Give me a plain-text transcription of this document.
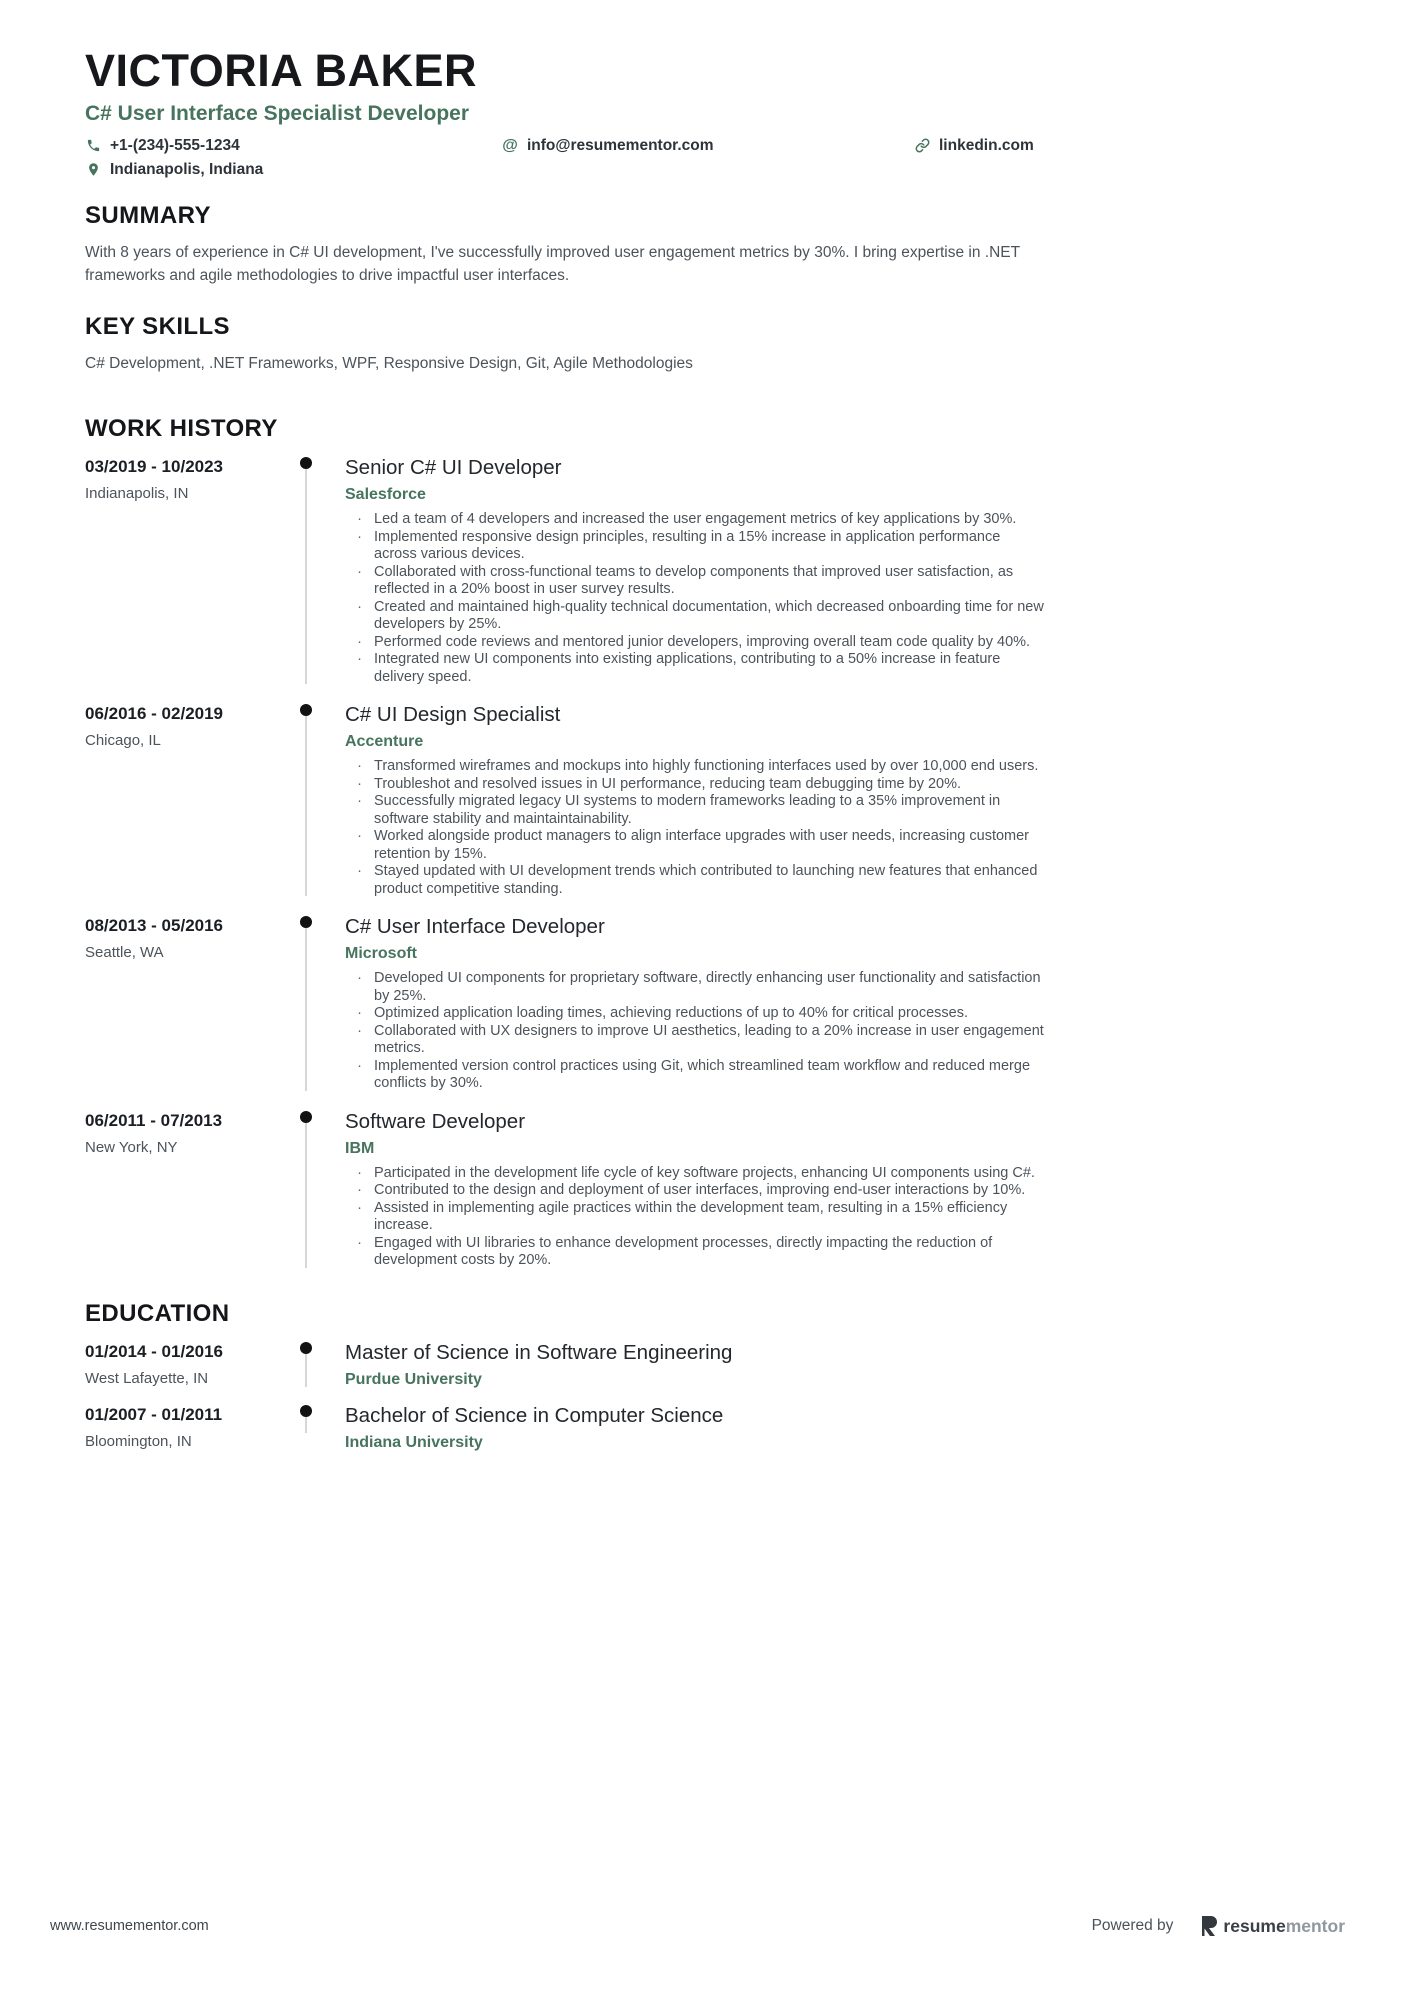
VICTORIA BAKER
C# User Interface Specialist Developer
+1-(234)-555-1234	@ info@resumementor.com	linkedin.com
Indianapolis, Indiana
SUMMARY

With 8 years of experience in C# UI development, I've successfully improved user engagement metrics by 30%. I bring expertise in .NET frameworks and agile methodologies to drive impactful user interfaces.

KEY SKILLS

C# Development, .NET Frameworks, WPF, Responsive Design, Git, Agile Methodologies

WORK HISTORY
03/2019 - 10/2023
Indianapolis, IN
Senior C# UI Developer
Salesforce
· Led a team of 4 developers and increased the user engagement metrics of key applications by 30%.
· Implemented responsive design principles, resulting in a 15% increase in application performance across various devices.
· Collaborated with cross-functional teams to develop components that improved user satisfaction, as reflected in a 20% boost in user survey results.
· Created and maintained high-quality technical documentation, which decreased onboarding time for new developers by 25%.
· Performed code reviews and mentored junior developers, improving overall team code quality by 40%.
· Integrated new UI components into existing applications, contributing to a 50% increase in feature delivery speed.
06/2016 - 02/2019
Chicago, IL
C# UI Design Specialist
Accenture
· Transformed wireframes and mockups into highly functioning interfaces used by over 10,000 end users.
· Troubleshot and resolved issues in UI performance, reducing team debugging time by 20%.
· Successfully migrated legacy UI systems to modern frameworks leading to a 35% improvement in software stability and maintaintainability.
· Worked alongside product managers to align interface upgrades with user needs, increasing customer retention by 15%.
· Stayed updated with UI development trends which contributed to launching new features that enhanced product competitive standing.
08/2013 - 05/2016
Seattle, WA
C# User Interface Developer
Microsoft
· Developed UI components for proprietary software, directly enhancing user functionality and satisfaction by 25%.
· Optimized application loading times, achieving reductions of up to 40% for critical processes.
· Collaborated with UX designers to improve UI aesthetics, leading to a 20% increase in user engagement metrics.
· Implemented version control practices using Git, which streamlined team workflow and reduced merge conflicts by 30%.
06/2011 - 07/2013
New York, NY
Software Developer
IBM
· Participated in the development life cycle of key software projects, enhancing UI components using C#.
· Contributed to the design and deployment of user interfaces, improving end-user interactions by 10%.
· Assisted in implementing agile practices within the development team, resulting in a 15% efficiency increase.
· Engaged with UI libraries to enhance development processes, directly impacting the reduction of development costs by 20%.
EDUCATION
01/2014 - 01/2016
West Lafayette, IN
Master of Science in Software Engineering
Purdue University
01/2007 - 01/2011
Bloomington, IN
Bachelor of Science in Computer Science
Indiana University
www.resumementor.com	Powered by	resumementor
